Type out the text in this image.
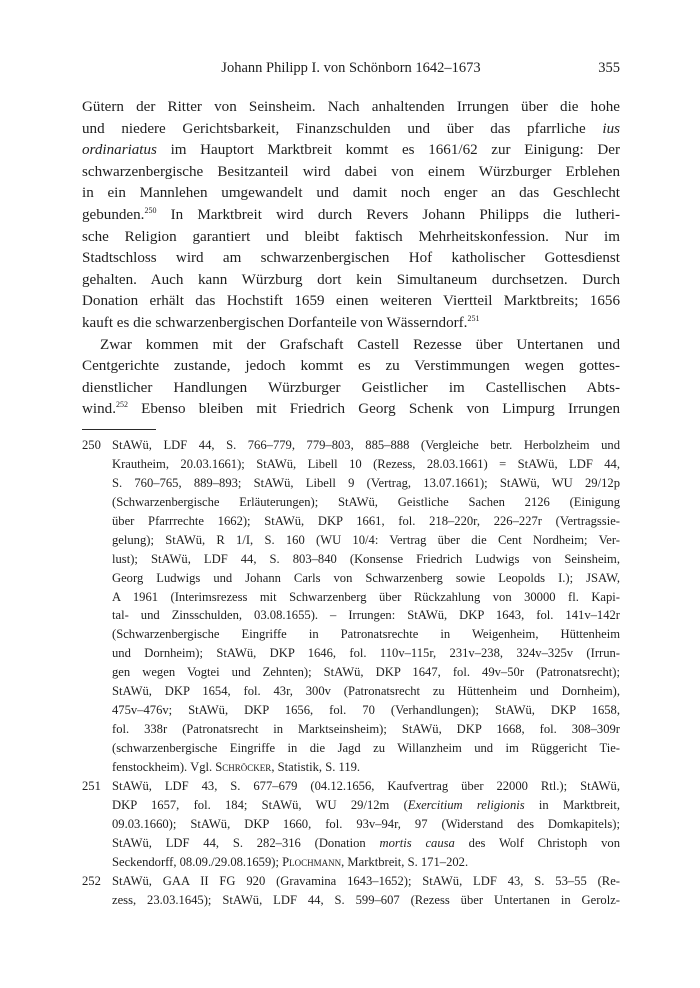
Johann Philipp I. von Schönborn 1642–1673	355
Gütern der Ritter von Seinsheim. Nach anhaltenden Irrungen über die hohe
und niedere Gerichtsbarkeit, Finanzschulden und über das pfarrliche ius
ordinariatus im Hauptort Marktbreit kommt es 1661/62 zur Einigung: Der
schwarzenbergische Besitzanteil wird dabei von einem Würzburger Erblehen
in ein Mannlehen umgewandelt und damit noch enger an das Geschlecht
gebunden.$^{250}$ In Marktbreit wird durch Revers Johann Philipps die lutheri-
sche Religion garantiert und bleibt faktisch Mehrheitskonfession. Nur im
Stadtschloss wird am schwarzenbergischen Hof katholischer Gottesdienst
gehalten. Auch kann Würzburg dort kein Simultaneum durchsetzen. Durch
Donation erhält das Hochstift 1659 einen weiteren Viertteil Marktbreits; 1656
kauft es die schwarzenbergischen Dorfanteile von Wässerndorf.$^{251}$
Zwar kommen mit der Grafschaft Castell Rezesse über Untertanen und
Centgerichte zustande, jedoch kommt es zu Verstimmungen wegen gottes-
dienstlicher Handlungen Würzburger Geistlicher im Castellischen Abts-
wind.$^{252}$ Ebenso bleiben mit Friedrich Georg Schenk von Limpurg Irrungen
250 StAWü, LDF 44, S. 766–779, 779–803, 885–888 (Vergleiche betr. Herbolzheim und
Krautheim, 20.03.1661); StAWü, Libell 10 (Rezess, 28.03.1661) = StAWü, LDF 44,
S. 760–765, 889–893; StAWü, Libell 9 (Vertrag, 13.07.1661); StAWü, WU 29/12p
(Schwarzenbergische Erläuterungen); StAWü, Geistliche Sachen 2126 (Einigung
über Pfarrrechte 1662); StAWü, DKP 1661, fol. 218–220r, 226–227r (Vertragssie-
gelung); StAWü, R 1/I, S. 160 (WU 10/4: Vertrag über die Cent Nordheim; Ver-
lust); StAWü, LDF 44, S. 803–840 (Konsense Friedrich Ludwigs von Seinsheim,
Georg Ludwigs und Johann Carls von Schwarzenberg sowie Leopolds I.); JSAW,
A 1961 (Interimsrezess mit Schwarzenberg über Rückzahlung von 30000 fl. Kapi-
tal- und Zinsschulden, 03.08.1655). – Irrungen: StAWü, DKP 1643, fol. 141v–142r
(Schwarzenbergische Eingriffe in Patronatsrechte in Weigenheim, Hüttenheim
und Dornheim); StAWü, DKP 1646, fol. 110v–115r, 231v–238, 324v–325v (Irrun-
gen wegen Vogtei und Zehnten); StAWü, DKP 1647, fol. 49v–50r (Patronatsrecht);
StAWü, DKP 1654, fol. 43r, 300v (Patronatsrecht zu Hüttenheim und Dornheim),
475v–476v; StAWü, DKP 1656, fol. 70 (Verhandlungen); StAWü, DKP 1658,
fol. 338r (Patronatsrecht in Marktseinsheim); StAWü, DKP 1668, fol. 308–309r
(schwarzenbergische Eingriffe in die Jagd zu Willanzheim und im Rüggericht Tie-
fenstockheim). Vgl. Schröcker, Statistik, S. 119.
251 StAWü, LDF 43, S. 677–679 (04.12.1656, Kaufvertrag über 22000 Rtl.); StAWü,
DKP 1657, fol. 184; StAWü, WU 29/12m (Exercitium religionis in Marktbreit,
09.03.1660); StAWü, DKP 1660, fol. 93v–94r, 97 (Widerstand des Domkapitels);
StAWü, LDF 44, S. 282–316 (Donation mortis causa des Wolf Christoph von
Seckendorff, 08.09./29.08.1659); Plochmann, Marktbreit, S. 171–202.
252 StAWü, GAA II FG 920 (Gravamina 1643–1652); StAWü, LDF 43, S. 53–55 (Re-
zess, 23.03.1645); StAWü, LDF 44, S. 599–607 (Rezess über Untertanen in Gerolz-
